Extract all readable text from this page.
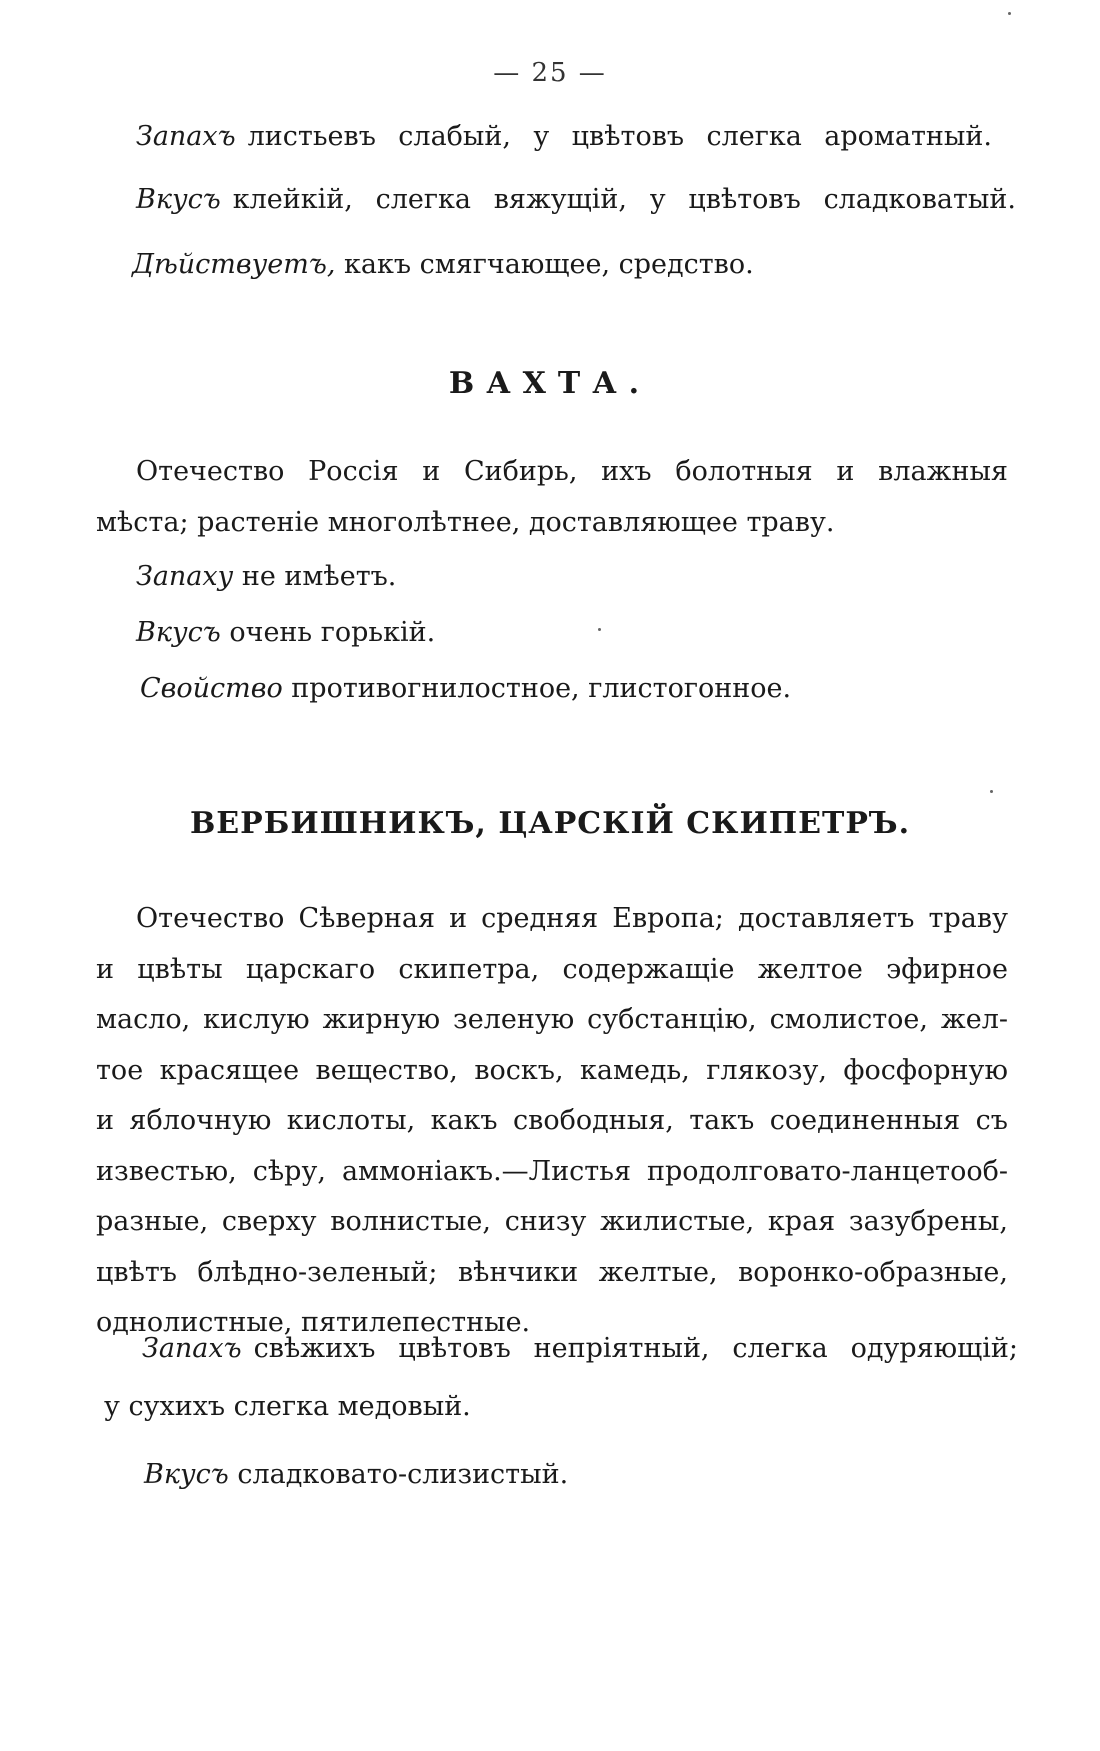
— 25 —
Запахъ листьевъ слабый, у цвѣтовъ слегка ароматный.
Вкусъ клейкій, слегка вяжущій, у цвѣтовъ сладковатый.
Дѣйствуетъ, какъ смягчающее, средство.
ВАХТА.
Отечество Россія и Сибирь, ихъ болотныя и влажныя
мѣста; растеніе многолѣтнее, доставляющее траву.
Запаху не имѣетъ.
Вкусъ очень горькій.
Свойство противогнилостное, глистогонное.
ВЕРБИШНИКЪ, ЦАРСКІЙ СКИПЕТРЪ.
Отечество Сѣверная и средняя Европа; доставляетъ траву
и цвѣты царскаго скипетра, содержащіе желтое эфирное
масло, кислую жирную зеленую субстанцію, смолистое, жел-
тое красящее вещество, воскъ, камедь, глякозу, фосфорную
и яблочную кислоты, какъ свободныя, такъ соединенныя съ
известью, сѣру, аммоніакъ.—Листья продолговато-ланцетооб-
разные, сверху волнистые, снизу жилистые, края зазубрены,
цвѣтъ блѣдно-зеленый; вѣнчики желтые, воронко-образные,
однолистные, пятилепестные.
Запахъ свѣжихъ цвѣтовъ непріятный, слегка одуряющій;
у сухихъ слегка медовый.
Вкусъ сладковато-слизистый.
